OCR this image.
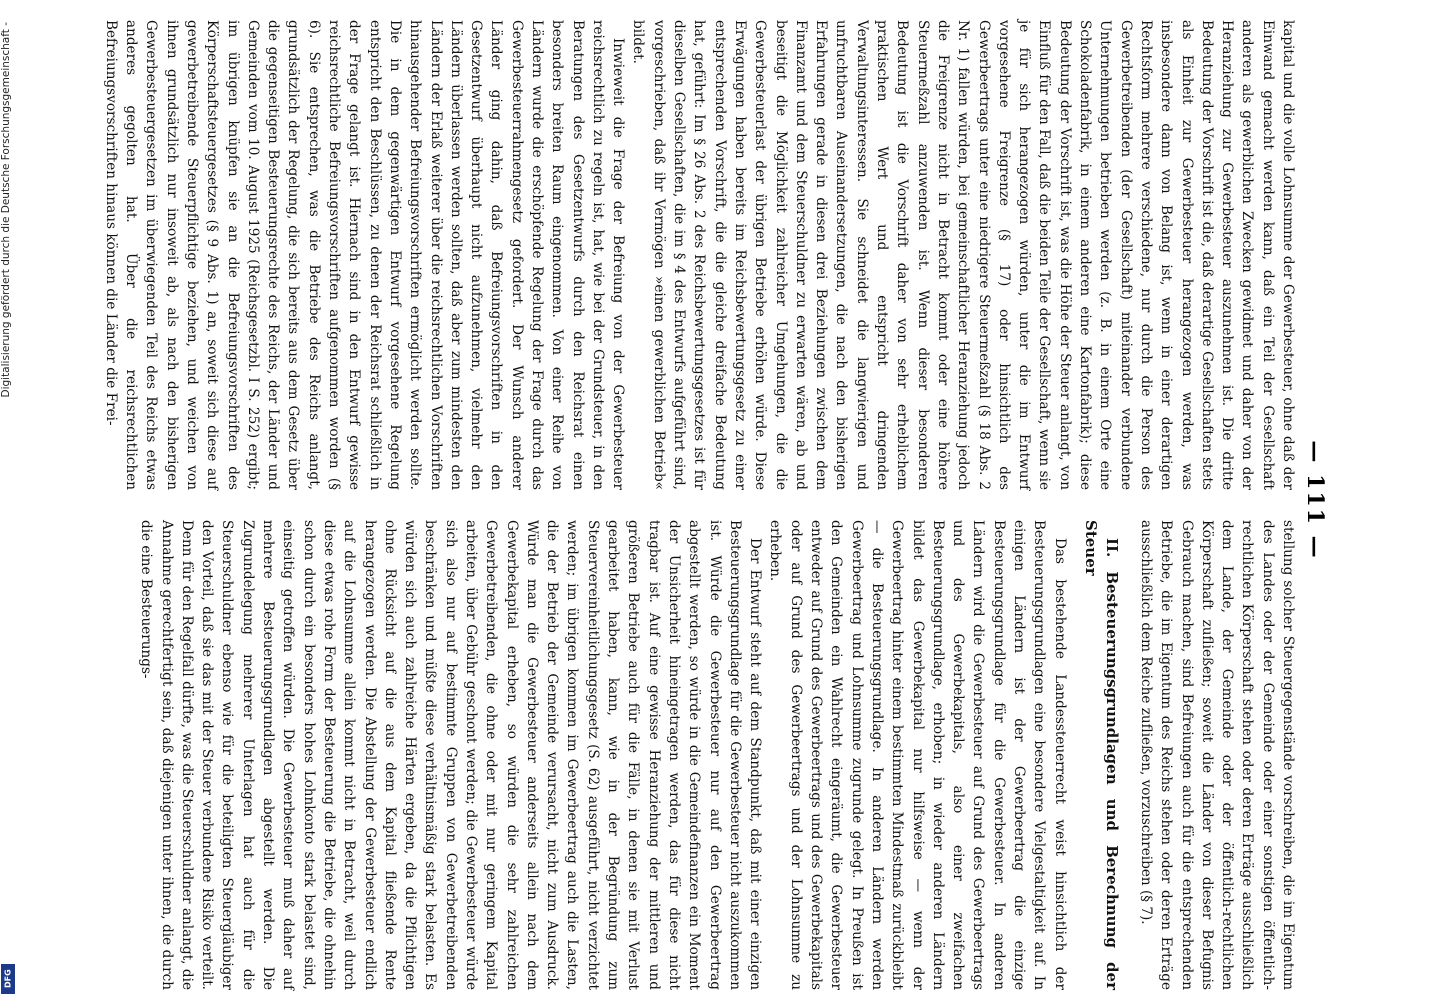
Digitalisierung gefördert durch die Deutsche Forschungsgemeinschaft -
DFG
— 111 —

kapital und die volle Lohnsumme der Gewerbesteuer, ohne daß der Einwand gemacht werden kann, daß ein Teil der Gesellschaft anderen als gewerblichen Zwecken gewidmet und daher von der Heranziehung zur Gewerbesteuer auszunehmen ist. Die dritte Bedeutung der Vorschrift ist die, daß derartige Gesellschaften stets als Einheit zur Gewerbesteuer herangezogen werden, was insbesondere dann von Belang ist, wenn in einer derartigen Rechtsform mehrere verschiedene, nur durch die Person des Gewerbetreibenden (der Gesellschaft) miteinander verbundene Unternehmungen betrieben werden (z. B. in einem Orte eine Schokoladenfabrik, in einem anderen eine Kartonfabrik); diese Bedeutung der Vorschrift ist, was die Höhe der Steuer anlangt, von Einfluß für den Fall, daß die beiden Teile der Gesellschaft, wenn sie je für sich herangezogen würden, unter die im Entwurf vorgesehene Freigrenze (§ 17) oder hinsichtlich des Gewerbeertrags unter eine niedrigere Steuermeßzahl (§ 18 Abs. 2 Nr. 1) fallen würden, bei gemeinschaftlicher Heranziehung jedoch die Freigrenze nicht in Betracht kommt oder eine höhere Steuermeßzahl anzuwenden ist. Wenn dieser besonderen Bedeutung ist die Vorschrift daher von sehr erheblichem praktischen Wert und entspricht dringenden Verwaltungsinteressen. Sie schneidet die langwierigen und unfruchtbaren Auseinandersetzungen, die nach den bisherigen Erfahrungen gerade in diesen drei Beziehungen zwischen dem Finanzamt und dem Steuerschuldner zu erwarten wären, ab und beseitigt die Möglichkeit zahlreicher Umgehungen, die die Gewerbesteuerlast der übrigen Betriebe erhöhen würde. Diese Erwägungen haben bereits im Reichsbewertungsgesetz zu einer entsprechenden Vorschrift, die die gleiche dreifache Bedeutung hat, geführt: Im § 26 Abs. 2 des Reichsbewertungsgesetzes ist für dieselben Gesellschaften, die im § 4 des Entwurfs aufgeführt sind, vorgeschrieben, daß ihr Vermögen »einen gewerblichen Betrieb« bildet.

Inwieweit die Frage der Befreiung von der Gewerbesteuer reichsrechtlich zu regeln ist, hat, wie bei der Grundsteuer, in den Beratungen des Gesetzentwurfs durch den Reichsrat einen besonders breiten Raum eingenommen. Von einer Reihe von Ländern wurde die erschöpfende Regelung der Frage durch das Gewerbesteuerrahmengesetz gefordert. Der Wunsch anderer Länder ging dahin, daß Befreiungsvorschriften in den Gesetzentwurf überhaupt nicht aufzunehmen, vielmehr den Ländern überlassen werden sollten, daß aber zum mindesten den Ländern der Erlaß weiterer über die reichsrechtlichen Vorschriften hinausgehender Befreiungsvorschriften ermöglicht werden sollte. Die in dem gegenwärtigen Entwurf vorgesehene Regelung entspricht den Beschlüssen, zu denen der Reichsrat schließlich in der Frage gelangt ist. Hiernach sind in den Entwurf gewisse reichsrechtliche Befreiungsvorschriften aufgenommen worden (§ 6). Sie entsprechen, was die Betriebe des Reichs anlangt, grundsätzlich der Regelung, die sich bereits aus dem Gesetz über die gegenseitigen Besteuerungsrechte des Reichs, der Länder und Gemeinden vom 10. August 1925 (Reichsgesetzbl. I S. 252) ergibt; im übrigen knüpfen sie an die Befreiungsvorschriften des Körperschaftsteuergesetzes (§ 9 Abs. 1) an, soweit sich diese auf gewerbetreibende Steuerpflichtige beziehen, und weichen von ihnen grundsätzlich nur insoweit ab, als nach den bisherigen Gewerbesteuergesetzen im überwiegenden Teil des Reichs etwas anderes gegolten hat. Über die reichsrechtlichen Befreiungsvorschriften hinaus können die Länder die Frei-

stellung solcher Steuergegenstände vorschreiben, die im Eigentum des Landes oder der Gemeinde oder einer sonstigen öffentlich-rechtlichen Körperschaft stehen oder deren Erträge ausschließlich dem Lande, der Gemeinde oder der öffentlich-rechtlichen Körperschaft zufließen; soweit die Länder von dieser Befugnis Gebrauch machen, sind Befreiungen auch für die entsprechenden Betriebe, die im Eigentum des Reichs stehen oder deren Erträge ausschließlich dem Reiche zufließen, vorzuschreiben (§ 7).

II. Besteuerungsgrundlagen und Berechnung der Steuer

Das bestehende Landessteuerrecht weist hinsichtlich der Besteuerungsgrundlagen eine besondere Vielgestaltigkeit auf. In einigen Ländern ist der Gewerbeertrag die einzige Besteuerungsgrundlage für die Gewerbesteuer. In anderen Ländern wird die Gewerbesteuer auf Grund des Gewerbeertrags und des Gewerbekapitals, also einer zweifachen Besteuerungsgrundlage, erhoben; in wieder anderen Ländern bildet das Gewerbekapital nur hilfsweise — wenn der Gewerbeertrag hinter einem bestimmten Mindestmaß zurückbleibt — die Besteuerungsgrundlage. In anderen Ländern werden Gewerbeertrag und Lohnsumme zugrunde gelegt. In Preußen ist den Gemeinden ein Wahlrecht eingeräumt, die Gewerbesteuer entweder auf Grund des Gewerbeertrags und des Gewerbekapitals oder auf Grund des Gewerbeertrags und der Lohnsumme zu erheben.

Der Entwurf steht auf dem Standpunkt, daß mit einer einzigen Besteuerungsgrundlage für die Gewerbesteuer nicht auszukommen ist. Würde die Gewerbesteuer nur auf den Gewerbeertrag abgestellt werden, so würde in die Gemeindefinanzen ein Moment der Unsicherheit hineingetragen werden, das für diese nicht tragbar ist. Auf eine gewisse Heranziehung der mittleren und größeren Betriebe auch für die Fälle, in denen sie mit Verlust gearbeitet haben, kann, wie in der Begründung zum Steuervereinheitlichungsgesetz (S. 62) ausgeführt, nicht verzichtet werden; im übrigen kommen im Gewerbeertrag auch die Lasten, die der Betrieb der Gemeinde verursacht, nicht zum Ausdruck. Würde man die Gewerbesteuer anderseits allein nach dem Gewerbekapital erheben, so würden die sehr zahlreichen Gewerbetreibenden, die ohne oder mit nur geringem Kapital arbeiten, über Gebühr geschont werden; die Gewerbesteuer würde sich also nur auf bestimmte Gruppen von Gewerbetreibenden beschränken und müßte diese verhältnismäßig stark belasten. Es würden sich auch zahlreiche Härten ergeben, da die Pflichtigen ohne Rücksicht auf die aus dem Kapital fließende Rente herangezogen werden. Die Abstellung der Gewerbesteuer endlich auf die Lohnsumme allein kommt nicht in Betracht, weil durch diese etwas rohe Form der Besteuerung die Betriebe, die ohnehin schon durch ein besonders hohes Lohnkonto stark belastet sind, einseitig getroffen würden. Die Gewerbesteuer muß daher auf mehrere Besteuerungsgrundlagen abgestellt werden. Die Zugrundelegung mehrerer Unterlagen hat auch für die Steuerschuldner ebenso wie für die beteiligten Steuergläubiger den Vorteil, daß sie das mit der Steuer verbundene Risiko verteilt. Denn für den Regelfall dürfte, was die Steuerschuldner anlangt, die Annahme gerechtfertigt sein, daß diejenigen unter ihnen, die durch die eine Besteuerungs-
